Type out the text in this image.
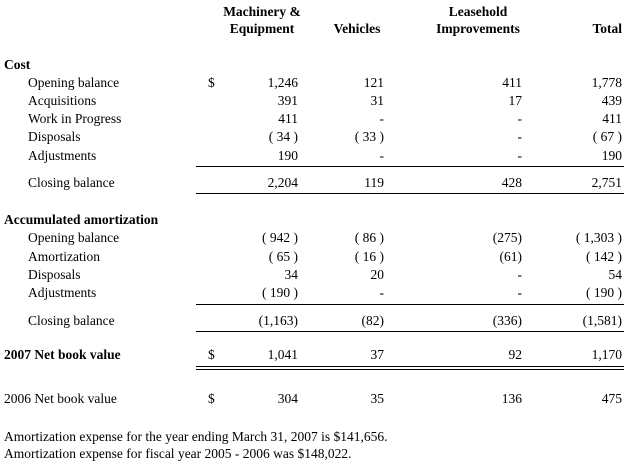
Machinery &
Equipment	Vehicles
Leasehold
Improvements	Total
Cost
Opening balance	$	1,246	121	411	1,778
Acquisitions	391	31	17	439
Work in Progress	411	-	-	411
Disposals	( 34 )	( 33 )	-	( 67 )
Adjustments	190	-	-	190
Closing balance	2,204	119	428	2,751
Accumulated amortization
Opening balance	( 942 )	( 86 )	(275)	( 1,303 )
Amortization	( 65 )	( 16 )	(61)	( 142 )
Disposals	34	20	-	54
Adjustments	( 190 )	-	-	( 190 )
Closing balance	(1,163)	(82)	(336)	(1,581)
2007 Net book value	$	1,041	37	92	1,170
2006 Net book value	$	304	35	136	475
Amortization expense for the year ending March 31, 2007 is $141,656.
Amortization expense for fiscal year 2005 - 2006 was $148,022.
